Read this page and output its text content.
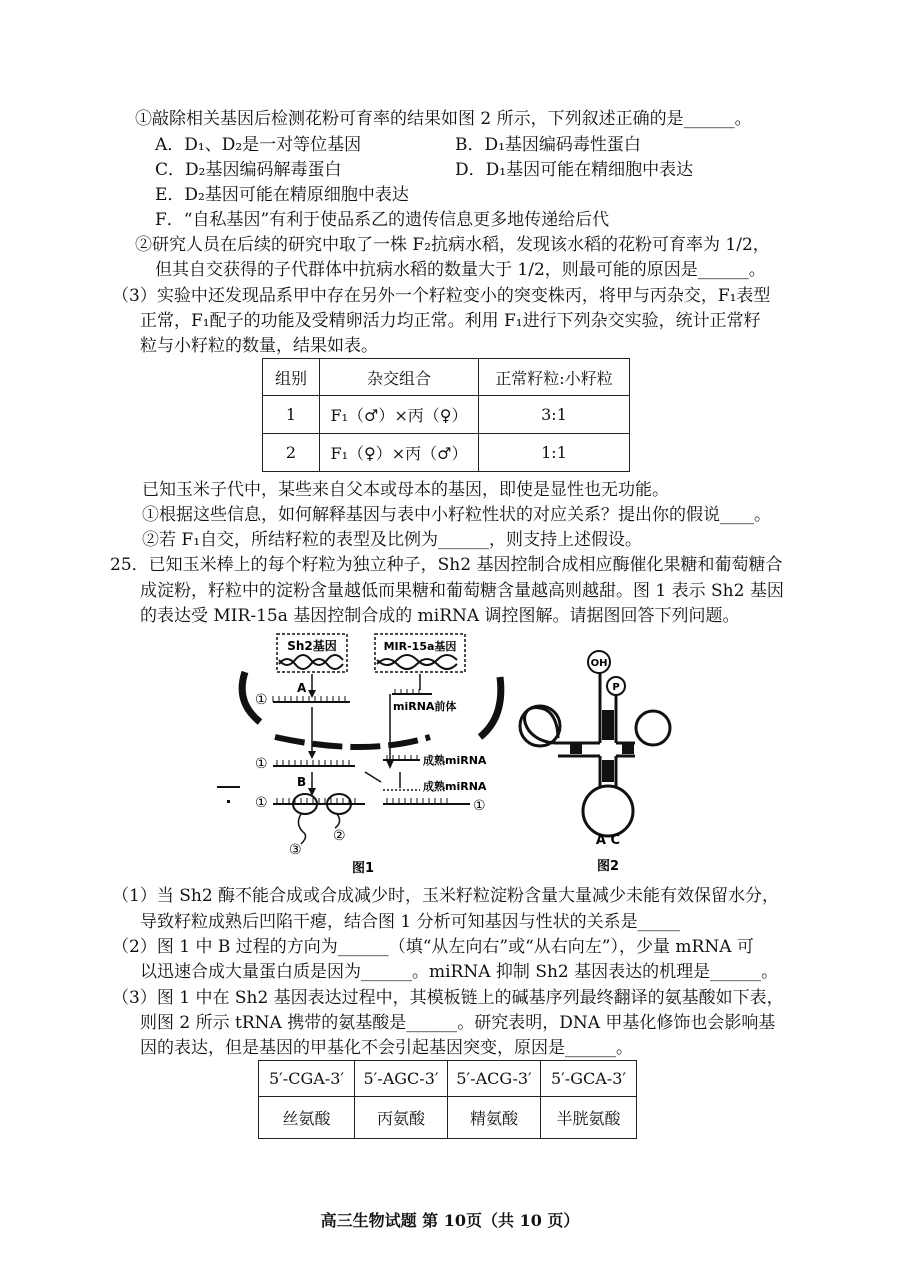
①敲除相关基因后检测花粉可育率的结果如图 2 所示，下列叙述正确的是______。
A．D₁、D₂是一对等位基因	B．D₁基因编码毒性蛋白
C．D₂基因编码解毒蛋白	D．D₁基因可能在精细胞中表达
E．D₂基因可能在精原细胞中表达
F．“自私基因”有利于使品系乙的遗传信息更多地传递给后代
②研究人员在后续的研究中取了一株 F₂抗病水稻，发现该水稻的花粉可育率为 1/2，
但其自交获得的子代群体中抗病水稻的数量大于 1/2，则最可能的原因是______。
（3）实验中还发现品系甲中存在另外一个籽粒变小的突变株丙，将甲与丙杂交，F₁表型
正常，F₁配子的功能及受精卵活力均正常。利用 F₁进行下列杂交实验，统计正常籽
粒与小籽粒的数量，结果如表。
组别	杂交组合	正常籽粒:小籽粒
1	F₁（♂）×丙（♀）	3:1
2	F₁（♀）×丙（♂）	1:1
已知玉米子代中，某些来自父本或母本的基因，即使是显性也无功能。
①根据这些信息，如何解释基因与表中小籽粒性状的对应关系？提出你的假说____。
②若 F₁自交，所结籽粒的表型及比例为______，则支持上述假设。
25．已知玉米棒上的每个籽粒为独立种子，Sh2 基因控制合成相应酶催化果糖和葡萄糖合
成淀粉，籽粒中的淀粉含量越低而果糖和葡萄糖含量越高则越甜。图 1 表示 Sh2 基因
的表达受 MIR-15a 基因控制合成的 miRNA 调控图解。请据图回答下列问题。
Sh2基因	MIR-15a基因
A
①	miRNA前体
①	成熟miRNA
成熟miRNA
B
①
②
③
①
图1
OH
P
A C
图2
（1）当 Sh2 酶不能合成或合成减少时，玉米籽粒淀粉含量大量减少未能有效保留水分，
导致籽粒成熟后凹陷干瘪，结合图 1 分析可知基因与性状的关系是_____
（2）图 1 中 B 过程的方向为______（填“从左向右”或“从右向左”），少量 mRNA 可
以迅速合成大量蛋白质是因为______。miRNA 抑制 Sh2 基因表达的机理是______。
（3）图 1 中在 Sh2 基因表达过程中，其模板链上的碱基序列最终翻译的氨基酸如下表，
则图 2 所示 tRNA 携带的氨基酸是______。研究表明，DNA 甲基化修饰也会影响基
因的表达，但是基因的甲基化不会引起基因突变，原因是______。
5′-CGA-3′	5′-AGC-3′	5′-ACG-3′	5′-GCA-3′
丝氨酸	丙氨酸	精氨酸	半胱氨酸
高三生物试题 第 10页（共 10 页）
